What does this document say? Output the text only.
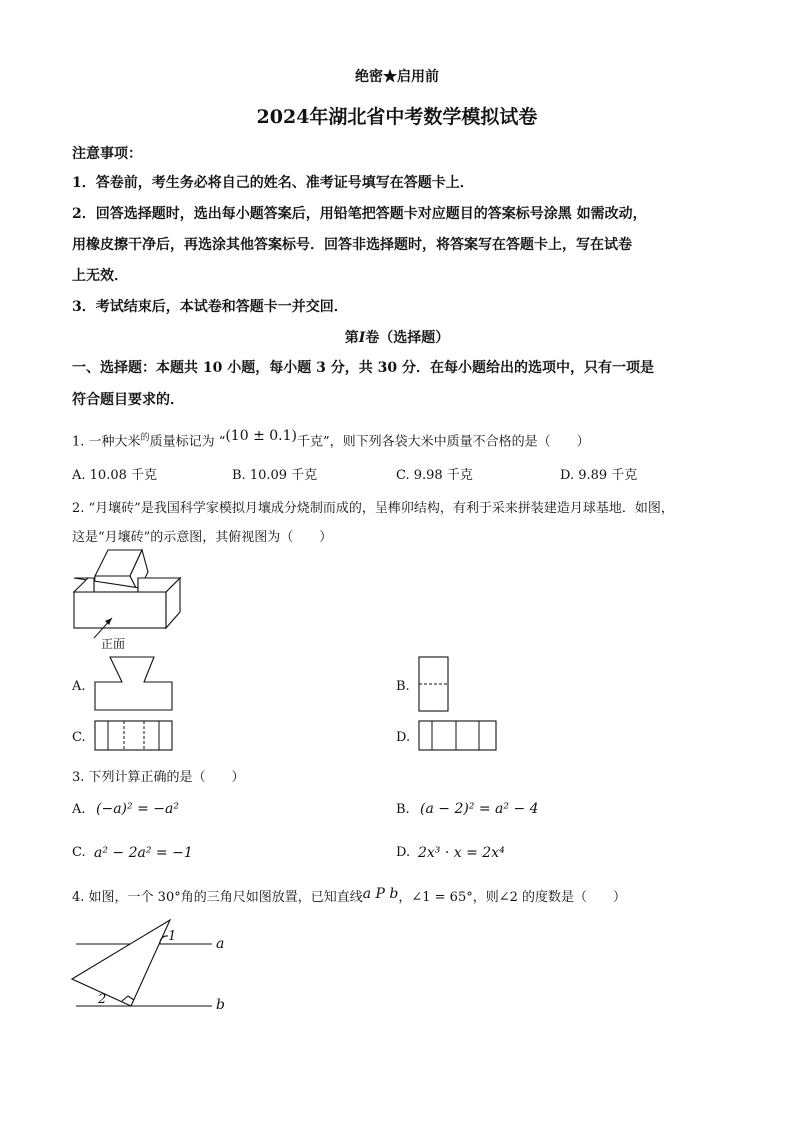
绝密★启用前
2024年湖北省中考数学模拟试卷
注意事项：
1．答卷前，考生务必将自己的姓名、准考证号填写在答题卡上．
2．回答选择题时，选出每小题答案后，用铅笔把答题卡对应题目的答案标号涂黑 如需改动，
用橡皮擦干净后，再选涂其他答案标号．回答非选择题时，将答案写在答题卡上，写在试卷
上无效．
3．考试结束后，本试卷和答题卡一并交回．
第I卷（选择题）
一、选择题：本题共 10 小题，每小题 3 分，共 30 分．在每小题给出的选项中，只有一项是
符合题目要求的．
1. 一种大米$^的$质量标记为 “(10 ± 0.1)千克”，则下列各袋大米中质量不合格的是（　　）
A. 10.08 千克	B. 10.09 千克	C. 9.98 千克	D. 9.89 千克
2. “月壤砖”是我国科学家模拟月壤成分烧制而成的，呈榫卯结构，有利于采来拼装建造月球基地．如图，
这是“月壤砖”的示意图，其俯视图为（　　）
正面
A.	B.
C.	D.
3. 下列计算正确的是（　　）
A. (−a)² = −a²	B. (a − 2)² = a² − 4
C. a² − 2a² = −1	D. 2x³ · x = 2x⁴
4. 如图，一个 30°角的三角尺如图放置，已知直线a P b，∠1 = 65°，则∠2 的度数是（　　）
1
2
a
b
